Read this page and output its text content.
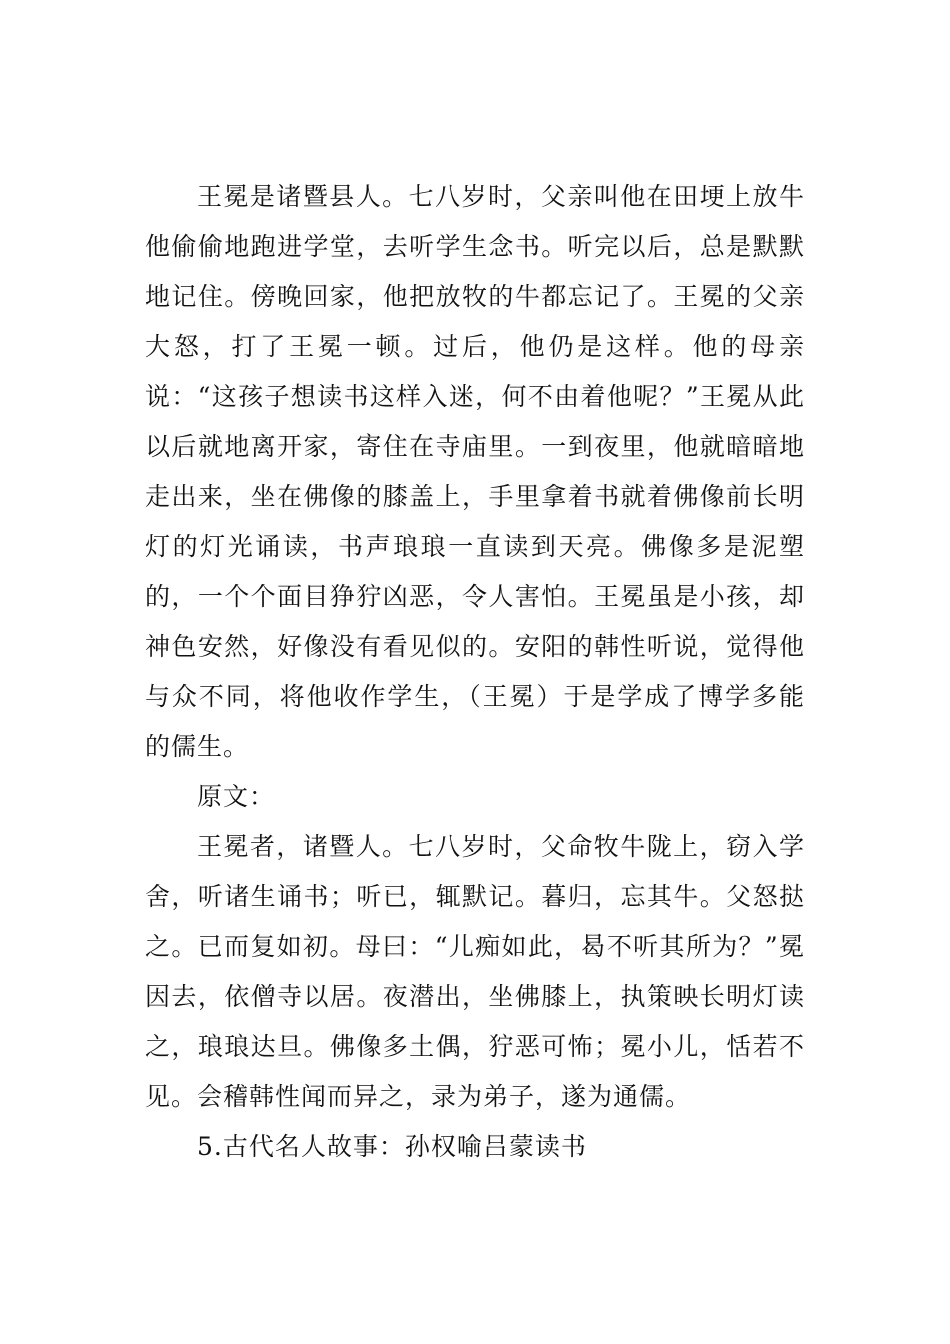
王冕是诸暨县人。七八岁时，父亲叫他在田埂上放牛他偷偷地跑进学堂，去听学生念书。听完以后，总是默默地记住。傍晚回家，他把放牧的牛都忘记了。王冕的父亲大怒，打了王冕一顿。过后，他仍是这样。他的母亲说：“这孩子想读书这样入迷，何不由着他呢？”王冕从此以后就地离开家，寄住在寺庙里。一到夜里，他就暗暗地走出来，坐在佛像的膝盖上，手里拿着书就着佛像前长明灯的灯光诵读，书声琅琅一直读到天亮。佛像多是泥塑的，一个个面目狰狞凶恶，令人害怕。王冕虽是小孩，却神色安然，好像没有看见似的。安阳的韩性听说，觉得他与众不同，将他收作学生，（王冕）于是学成了博学多能的儒生。

原文：

王冕者，诸暨人。七八岁时，父命牧牛陇上，窃入学舍，听诸生诵书；听已，辄默记。暮归，忘其牛。父怒挞之。已而复如初。母曰：“儿痴如此，曷不听其所为？”冕因去，依僧寺以居。夜潜出，坐佛膝上，执策映长明灯读之，琅琅达旦。佛像多土偶，狞恶可怖；冕小儿，恬若不见。会稽韩性闻而异之，录为弟子，遂为通儒。

5.古代名人故事：孙权喻吕蒙读书
